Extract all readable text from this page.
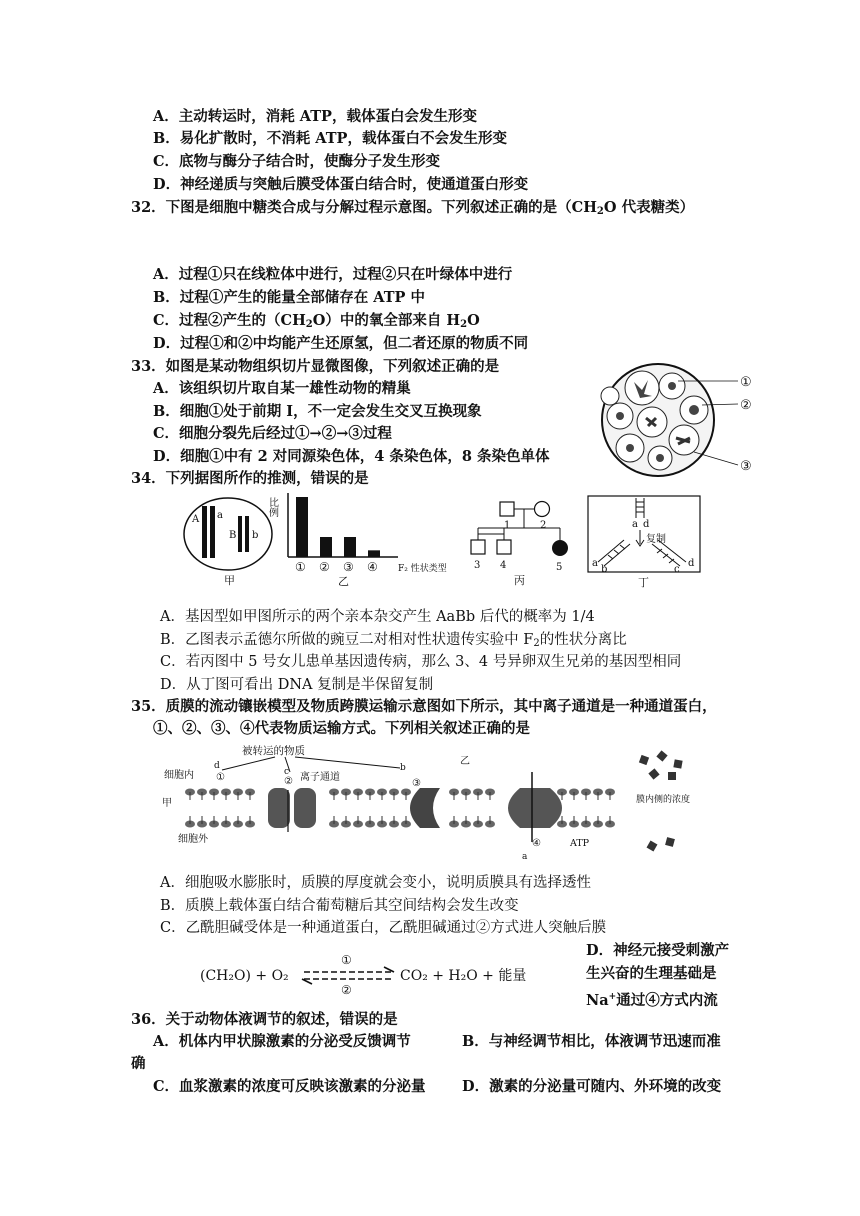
A．主动转运时，消耗 ATP，载体蛋白会发生形变
B．易化扩散时，不消耗 ATP，载体蛋白不会发生形变
C．底物与酶分子结合时，使酶分子发生形变
D．神经递质与突触后膜受体蛋白结合时，使通道蛋白形变
32．下图是细胞中糖类合成与分解过程示意图。下列叙述正确的是（$CH_2O$ 代表糖类）
A．过程①只在线粒体中进行，过程②只在叶绿体中进行
B．过程①产生的能量全部储存在 ATP 中
C．过程②产生的$(CH_2O)$中的氧全部来自 $H_2O$
D．过程①和②中均能产生还原氢，但二者还原的物质不同
33．如图是某动物组织切片显微图像，下列叙述正确的是
A．该组织切片取自某一雄性动物的精巢
B．细胞①处于前期 I，不一定会发生交叉互换现象
C．细胞分裂先后经过①→②→③过程
D．细胞①中有 2 对同源染色体，4 条染色体，8 条染色单体
①
②
③
34．下列据图所作的推测，错误的是
A a
B b
甲
比例
① ② ③ ④ F₂ 性状类型
乙
1	2
3 4	5
丙
a d
复制
a
b	c
d
丁
A．基因型如甲图所示的两个亲本杂交产生 AaBb 后代的概率为 1/4
B．乙图表示孟德尔所做的豌豆二对相对性状遗传实验中 $F_2$的性状分离比
C．若丙图中 5 号女儿患单基因遗传病，那么 3、4 号异卵双生兄弟的基因型相同
D．从丁图可看出 DNA 复制是半保留复制
35．质膜的流动镶嵌模型及物质跨膜运输示意图如下所示，其中离子通道是一种通道蛋白，
①、②、③、④代表物质运输方式。下列相关叙述正确的是
被转运的物质
d
c	b
a
细胞内
细胞外
甲
乙
离子通道
①	②	③
④	ATP
膜内侧的浓度
A．细胞吸水膨胀时，质膜的厚度就会变小，说明质膜具有选择透性
B．质膜上载体蛋白结合葡萄糖后其空间结构会发生改变
C．乙酰胆碱受体是一种通道蛋白，乙酰胆碱通过②方式进人突触后膜
(CH₂O) + O₂
①
②
CO₂ + H₂O + 能量
D．神经元接受刺激产
生兴奋的生理基础是
Na+通过④方式内流
36．关于动物体液调节的叙述，错误的是
A．机体内甲状腺激素的分泌受反馈调节	B．与神经调节相比，体液调节迅速而准
确
C．血浆激素的浓度可反映该激素的分泌量	D．激素的分泌量可随内、外环境的改变
